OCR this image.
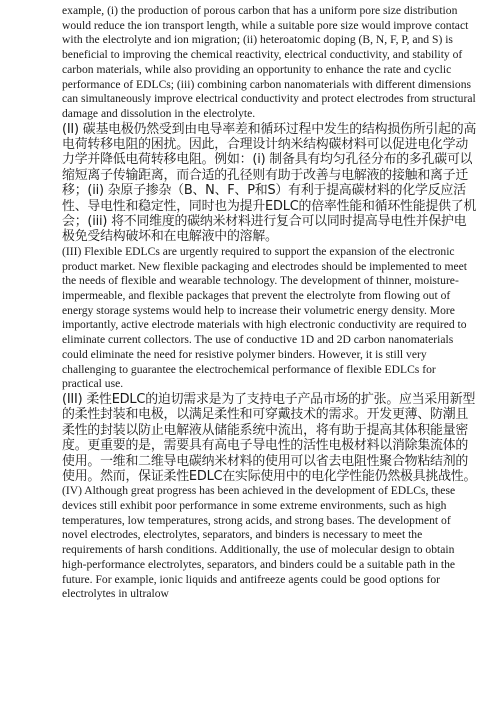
example, (i) the production of porous carbon that has a uniform pore size distribution would reduce the ion transport length, while a suitable pore size would improve contact with the electrolyte and ion migration; (ii) heteroatomic doping (B, N, F, P, and S) is beneficial to improving the chemical reactivity, electrical conductivity, and stability of carbon materials, while also providing an opportunity to enhance the rate and cyclic performance of EDLCs; (iii) combining carbon nanomaterials with different dimensions can simultaneously improve electrical conductivity and protect electrodes from structural damage and dissolution in the electrolyte.

(II) 碳基电极仍然受到由电导率差和循环过程中发生的结构损伤所引起的高电荷转移电阻的困扰。因此，合理设计纳米结构碳材料可以促进电化学动力学并降低电荷转移电阻。例如：(i) 制备具有均匀孔径分布的多孔碳可以缩短离子传输距离，而合适的孔径则有助于改善与电解液的接触和离子迁移；(ii) 杂原子掺杂（B、N、F、P和S）有利于提高碳材料的化学反应活性、导电性和稳定性，同时也为提升EDLC的倍率性能和循环性能提供了机会；(iii) 将不同维度的碳纳米材料进行复合可以同时提高导电性并保护电极免受结构破坏和在电解液中的溶解。

(III) Flexible EDLCs are urgently required to support the expansion of the electronic product market. New flexible packaging and electrodes should be implemented to meet the needs of flexible and wearable technology. The development of thinner, moisture-impermeable, and flexible packages that prevent the electrolyte from flowing out of energy storage systems would help to increase their volumetric energy density. More importantly, active electrode materials with high electronic conductivity are required to eliminate current collectors. The use of conductive 1D and 2D carbon nanomaterials could eliminate the need for resistive polymer binders. However, it is still very challenging to guarantee the electrochemical performance of flexible EDLCs for practical use.

(III) 柔性EDLC的迫切需求是为了支持电子产品市场的扩张。应当采用新型的柔性封装和电极，以满足柔性和可穿戴技术的需求。开发更薄、防潮且柔性的封装以防止电解液从储能系统中流出，将有助于提高其体积能量密度。更重要的是，需要具有高电子导电性的活性电极材料以消除集流体的使用。一维和二维导电碳纳米材料的使用可以省去电阻性聚合物粘结剂的使用。然而，保证柔性EDLC在实际使用中的电化学性能仍然极具挑战性。

(IV) Although great progress has been achieved in the development of EDLCs, these devices still exhibit poor performance in some extreme environments, such as high temperatures, low temperatures, strong acids, and strong bases. The development of novel electrodes, electrolytes, separators, and binders is necessary to meet the requirements of harsh conditions. Additionally, the use of molecular design to obtain high-performance electrolytes, separators, and binders could be a suitable path in the future. For example, ionic liquids and antifreeze agents could be good options for electrolytes in ultralow
